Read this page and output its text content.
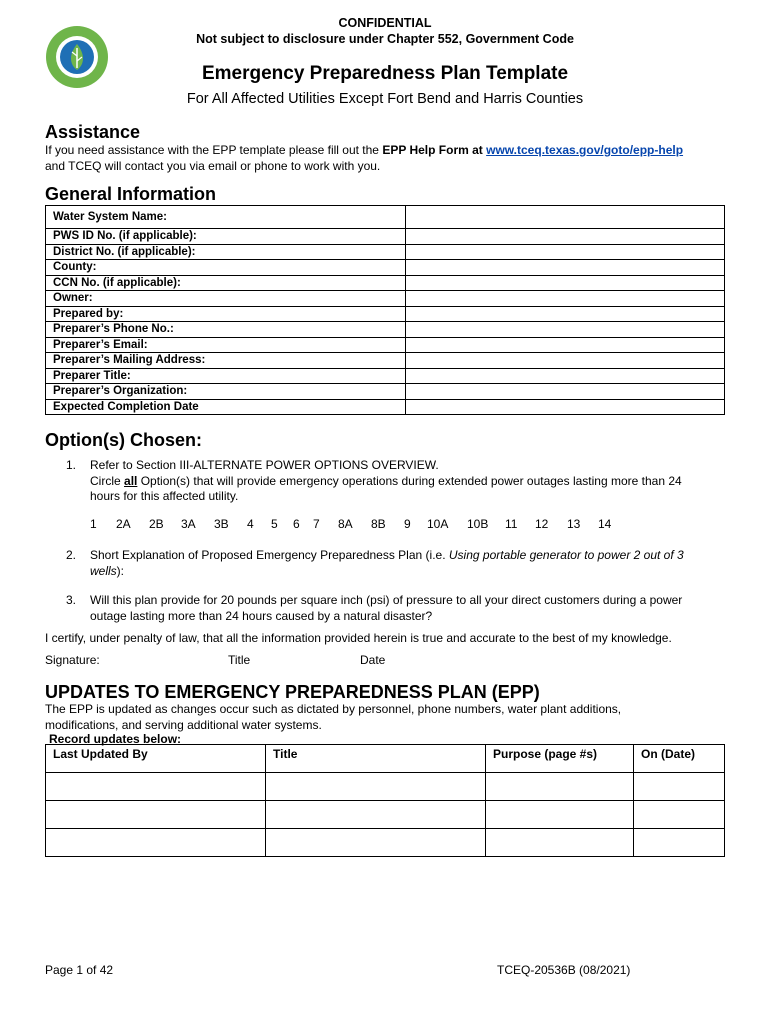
CONFIDENTIAL
Not subject to disclosure under Chapter 552, Government Code
Emergency Preparedness Plan Template
For All Affected Utilities Except Fort Bend and Harris Counties
Assistance
If you need assistance with the EPP template please fill out the EPP Help Form at www.tceq.texas.gov/goto/epp-help
and TCEQ will contact you via email or phone to work with you.
General Information
Water System Name:	
PWS ID No. (if applicable):	
District No. (if applicable):	
County:	
CCN No. (if applicable):	
Owner:	
Prepared by:	
Preparer’s Phone No.:	
Preparer’s Email:	
Preparer’s Mailing Address:	
Preparer Title:	
Preparer’s Organization:	
Expected Completion Date	
Option(s) Chosen:
1. Refer to Section III-ALTERNATE POWER OPTIONS OVERVIEW.
Circle all Option(s) that will provide emergency operations during extended power outages lasting more than 24
hours for this affected utility.
1	2A	2B	3A	3B	4	5	6	7	8A	8B	9	10A	10B	11	12	13	14
2. Short Explanation of Proposed Emergency Preparedness Plan (i.e. Using portable generator to power 2 out of 3
wells):
3. Will this plan provide for 20 pounds per square inch (psi) of pressure to all your direct customers during a power
outage lasting more than 24 hours caused by a natural disaster?
I certify, under penalty of law, that all the information provided herein is true and accurate to the best of my knowledge.
Signature:	Title	Date
UPDATES TO EMERGENCY PREPAREDNESS PLAN (EPP)
The EPP is updated as changes occur such as dictated by personnel, phone numbers, water plant additions,
modifications, and serving additional water systems.
Record updates below:
Last Updated By	Title	Purpose (page #s)	On (Date)

Page 1 of 42	TCEQ-20536B (08/2021)
